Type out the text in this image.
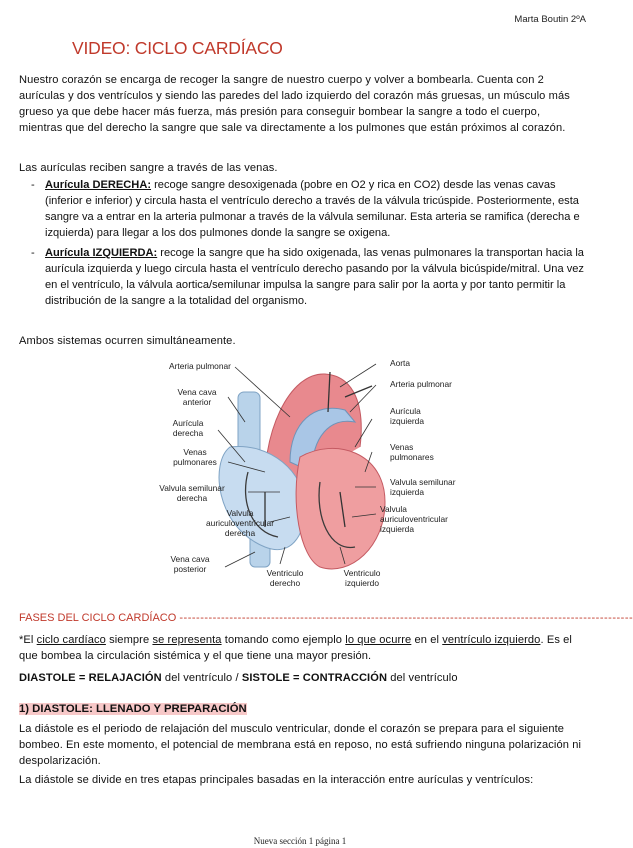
Marta Boutin 2ºA
VIDEO: CICLO CARDÍACO

Nuestro corazón se encarga de recoger la sangre de nuestro cuerpo y volver a bombearla. Cuenta con 2 aurículas y dos ventrículos y siendo las paredes del lado izquierdo del corazón más gruesas, un músculo más grueso ya que debe hacer más fuerza, más presión para conseguir bombear la sangre a todo el cuerpo, mientras que del derecho la sangre que sale va directamente a los pulmones que están próximos al corazón.

Las aurículas reciben sangre a través de las venas.

- Aurícula DERECHA: recoge sangre desoxigenada (pobre en O2 y rica en CO2) desde las venas cavas (inferior e inferior) y circula hasta el ventrículo derecho a través de la válvula tricúspide. Posteriormente, esta sangre va a entrar en la arteria pulmonar a través de la válvula semilunar. Esta arteria se ramifica (derecha e izquierda) para llegar a los dos pulmones donde la sangre se oxigena.
- Aurícula IZQUIERDA: recoge la sangre que ha sido oxigenada, las venas pulmonares la transportan hacia la aurícula izquierda y luego circula hasta el ventrículo derecho pasando por la válvula bicúspide/mitral. Una vez en el ventrículo, la válvula aortica/semilunar impulsa la sangre para salir por la aorta y por tanto permitir la distribución de la sangre a la totalidad del organismo.

Ambos sistemas ocurren simultáneamente.

Arteria pulmonar
Vena cava
anterior
Aurícula
derecha
Venas
pulmonares
Valvula semilunar
derecha
Valvula
auriculoventricular
derecha
Vena cava
posterior
Aorta
Arteria pulmonar
Aurícula
izquierda
Venas
pulmonares
Valvula semilunar
izquierda
Valvula
auriculoventricular
izquierda
Ventriculo
derecho
Ventriculo
izquierdo
FASES DEL CICLO CARDÍACO -------------------------------------------------------------------------------------------------------------

*El ciclo cardíaco siempre se representa tomando como ejemplo lo que ocurre en el ventrículo izquierdo. Es el que bombea la circulación sistémica y el que tiene una mayor presión.

DIASTOLE = RELAJACIÓN del ventrículo / SISTOLE = CONTRACCIÓN del ventrículo

1) DIASTOLE: LLENADO Y PREPARACIÓN

La diástole es el periodo de relajación del musculo ventricular, donde el corazón se prepara para el siguiente bombeo. En este momento, el potencial de membrana está en reposo, no está sufriendo ninguna polarización ni despolarización.

La diástole se divide en tres etapas principales basadas en la interacción entre aurículas y ventrículos:

Nueva sección 1 página 1
